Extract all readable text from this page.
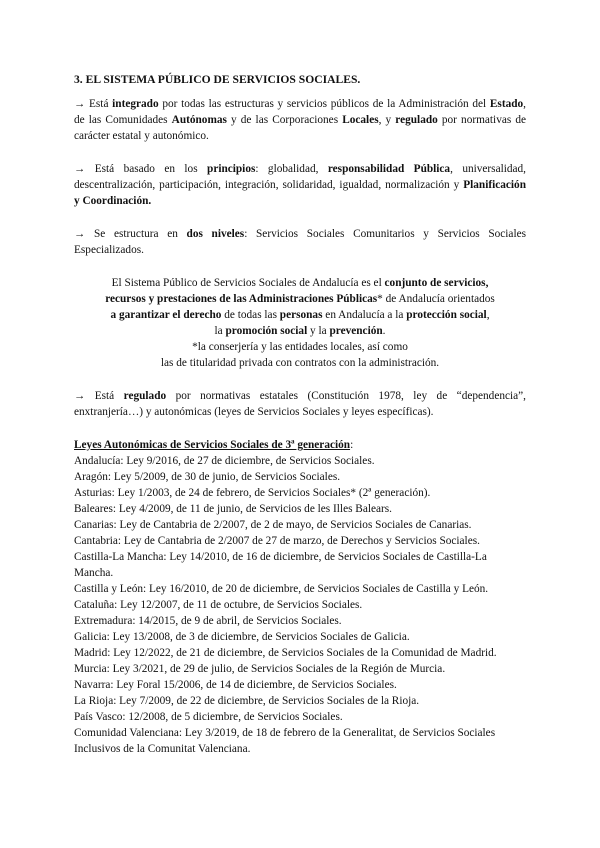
3. EL SISTEMA PÚBLICO DE SERVICIOS SOCIALES.

→ Está integrado por todas las estructuras y servicios públicos de la Administración del Estado, de las Comunidades Autónomas y de las Corporaciones Locales, y regulado por normativas de carácter estatal y autonómico.

→ Está basado en los principios: globalidad, responsabilidad Pública, universalidad, descentralización, participación, integración, solidaridad, igualdad, normalización y Planificación y Coordinación.

→ Se estructura en dos niveles: Servicios Sociales Comunitarios y Servicios Sociales Especializados.

El Sistema Público de Servicios Sociales de Andalucía es el conjunto de servicios,
recursos y prestaciones de las Administraciones Públicas* de Andalucía orientados
a garantizar el derecho de todas las personas en Andalucía a la protección social,
la promoción social y la prevención.
*la conserjería y las entidades locales, así como
las de titularidad privada con contratos con la administración.

→ Está regulado por normativas estatales (Constitución 1978, ley de “dependencia”, enxtranjería…) y autonómicas (leyes de Servicios Sociales y leyes específicas).

Leyes Autonómicas de Servicios Sociales de 3ª generación:
Andalucía: Ley 9/2016, de 27 de diciembre, de Servicios Sociales.
Aragón: Ley 5/2009, de 30 de junio, de Servicios Sociales.
Asturias: Ley 1/2003, de 24 de febrero, de Servicios Sociales* (2ª generación).
Baleares: Ley 4/2009, de 11 de junio, de Servicios de les Illes Balears.
Canarias: Ley de Cantabria de 2/2007, de 2 de mayo, de Servicios Sociales de Canarias.
Cantabria: Ley de Cantabria de 2/2007 de 27 de marzo, de Derechos y Servicios Sociales.
Castilla-La Mancha: Ley 14/2010, de 16 de diciembre, de Servicios Sociales de Castilla-La Mancha.
Castilla y León: Ley 16/2010, de 20 de diciembre, de Servicios Sociales de Castilla y León.
Cataluña: Ley 12/2007, de 11 de octubre, de Servicios Sociales.
Extremadura: 14/2015, de 9 de abril, de Servicios Sociales.
Galicia: Ley 13/2008, de 3 de diciembre, de Servicios Sociales de Galicia.
Madrid: Ley 12/2022, de 21 de diciembre, de Servicios Sociales de la Comunidad de Madrid.
Murcia: Ley 3/2021, de 29 de julio, de Servicios Sociales de la Región de Murcia.
Navarra: Ley Foral 15/2006, de 14 de diciembre, de Servicios Sociales.
La Rioja: Ley 7/2009, de 22 de diciembre, de Servicios Sociales de la Rioja.
País Vasco: 12/2008, de 5 diciembre, de Servicios Sociales.
Comunidad Valenciana: Ley 3/2019, de 18 de febrero de la Generalitat, de Servicios Sociales Inclusivos de la Comunitat Valenciana.
